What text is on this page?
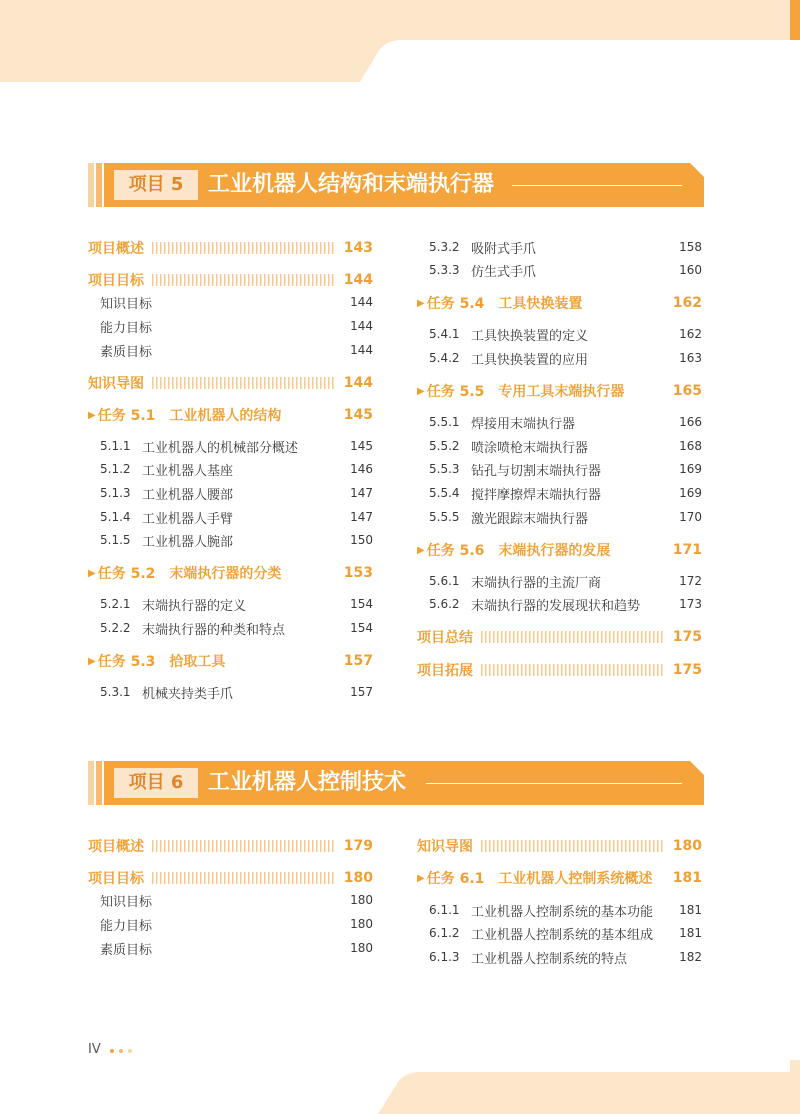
项目 5	工业机器人结构和末端执行器
项目概述	143
项目目标	144
知识目标	144
能力目标	144
素质目标	144
知识导图	144
▶ 任务 5.1 工业机器人的结构	145
5.1.1 工业机器人的机械部分概述	145
5.1.2 工业机器人基座	146
5.1.3 工业机器人腰部	147
5.1.4 工业机器人手臂	147
5.1.5 工业机器人腕部	150
▶ 任务 5.2 末端执行器的分类	153
5.2.1 末端执行器的定义	154
5.2.2 末端执行器的种类和特点	154
▶ 任务 5.3 拾取工具	157
5.3.1 机械夹持类手爪	157
5.3.2 吸附式手爪	158
5.3.3 仿生式手爪	160
▶ 任务 5.4 工具快换装置	162
5.4.1 工具快换装置的定义	162
5.4.2 工具快换装置的应用	163
▶ 任务 5.5 专用工具末端执行器	165
5.5.1 焊接用末端执行器	166
5.5.2 喷涂喷枪末端执行器	168
5.5.3 钻孔与切割末端执行器	169
5.5.4 搅拌摩擦焊末端执行器	169
5.5.5 激光跟踪末端执行器	170
▶ 任务 5.6 末端执行器的发展	171
5.6.1 末端执行器的主流厂商	172
5.6.2 末端执行器的发展现状和趋势	173
项目总结	175
项目拓展	175
项目 6	工业机器人控制技术
项目概述	179
项目目标	180
知识目标	180
能力目标	180
素质目标	180
知识导图	180
▶ 任务 6.1 工业机器人控制系统概述 181
6.1.1 工业机器人控制系统的基本功能 181
6.1.2 工业机器人控制系统的基本组成 181
6.1.3 工业机器人控制系统的特点	182
IV
